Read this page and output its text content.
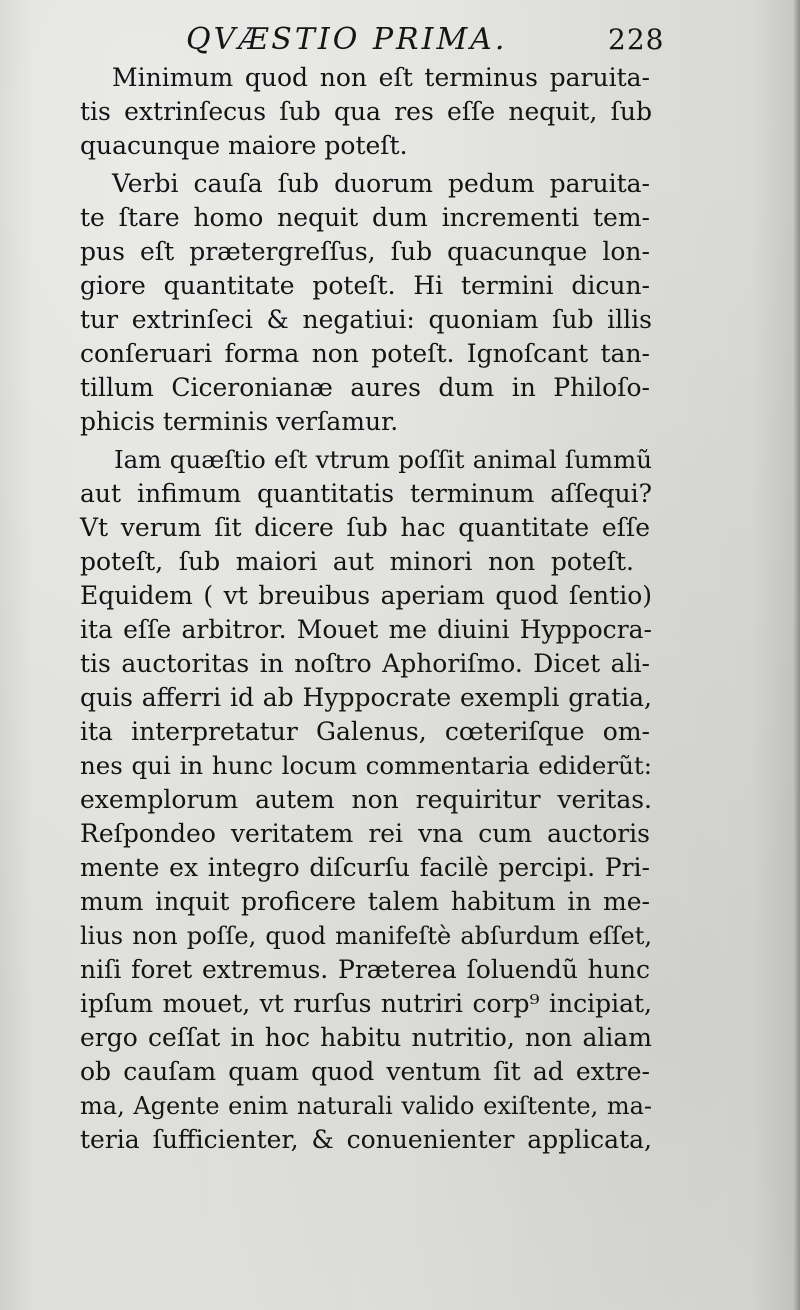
QVÆSTIO PRIMA.	228
Minimum quod non eſt terminus paruita-
tis extrinſecus ſub qua res eſſe nequit, ſub
quacunque maiore poteſt.
Verbi cauſa ſub duorum pedum paruita-
te ſtare homo nequit dum incrementi tem-
pus eſt prætergreſſus, ſub quacunque lon-
giore quantitate poteſt. Hi termini dicun-
tur extrinſeci & negatiui: quoniam ſub illis
conſeruari forma non poteſt. Ignoſcant tan-
tillum Ciceronianæ aures dum in Philoſo-
phicis terminis verſamur.
Iam quæſtio eſt vtrum poſſit animal ſummũ
aut infimum quantitatis terminum aſſequi?
Vt verum ſit dicere ſub hac quantitate eſſe
poteſt, ſub maiori aut minori non poteſt.
Equidem ( vt breuibus aperiam quod ſentio)
ita eſſe arbitror. Mouet me diuini Hyppocra-
tis auctoritas in noſtro Aphoriſmo. Dicet ali-
quis afferri id ab Hyppocrate exempli gratia,
ita interpretatur Galenus, cœteriſque om-
nes qui in hunc locum commentaria ediderũt:
exemplorum autem non requiritur veritas.
Reſpondeo veritatem rei vna cum auctoris
mente ex integro diſcurſu facilè percipi. Pri-
mum inquit proficere talem habitum in me-
lius non poſſe, quod manifeſtè abſurdum eſſet,
niſi foret extremus. Præterea ſoluendũ hunc
ipſum mouet, vt rurſus nutriri corp⁹ incipiat,
ergo ceſſat in hoc habitu nutritio, non aliam
ob cauſam quam quod ventum ſit ad extre-
ma, Agente enim naturali valido exiſtente, ma-
teria ſufficienter, & conuenienter applicata,
